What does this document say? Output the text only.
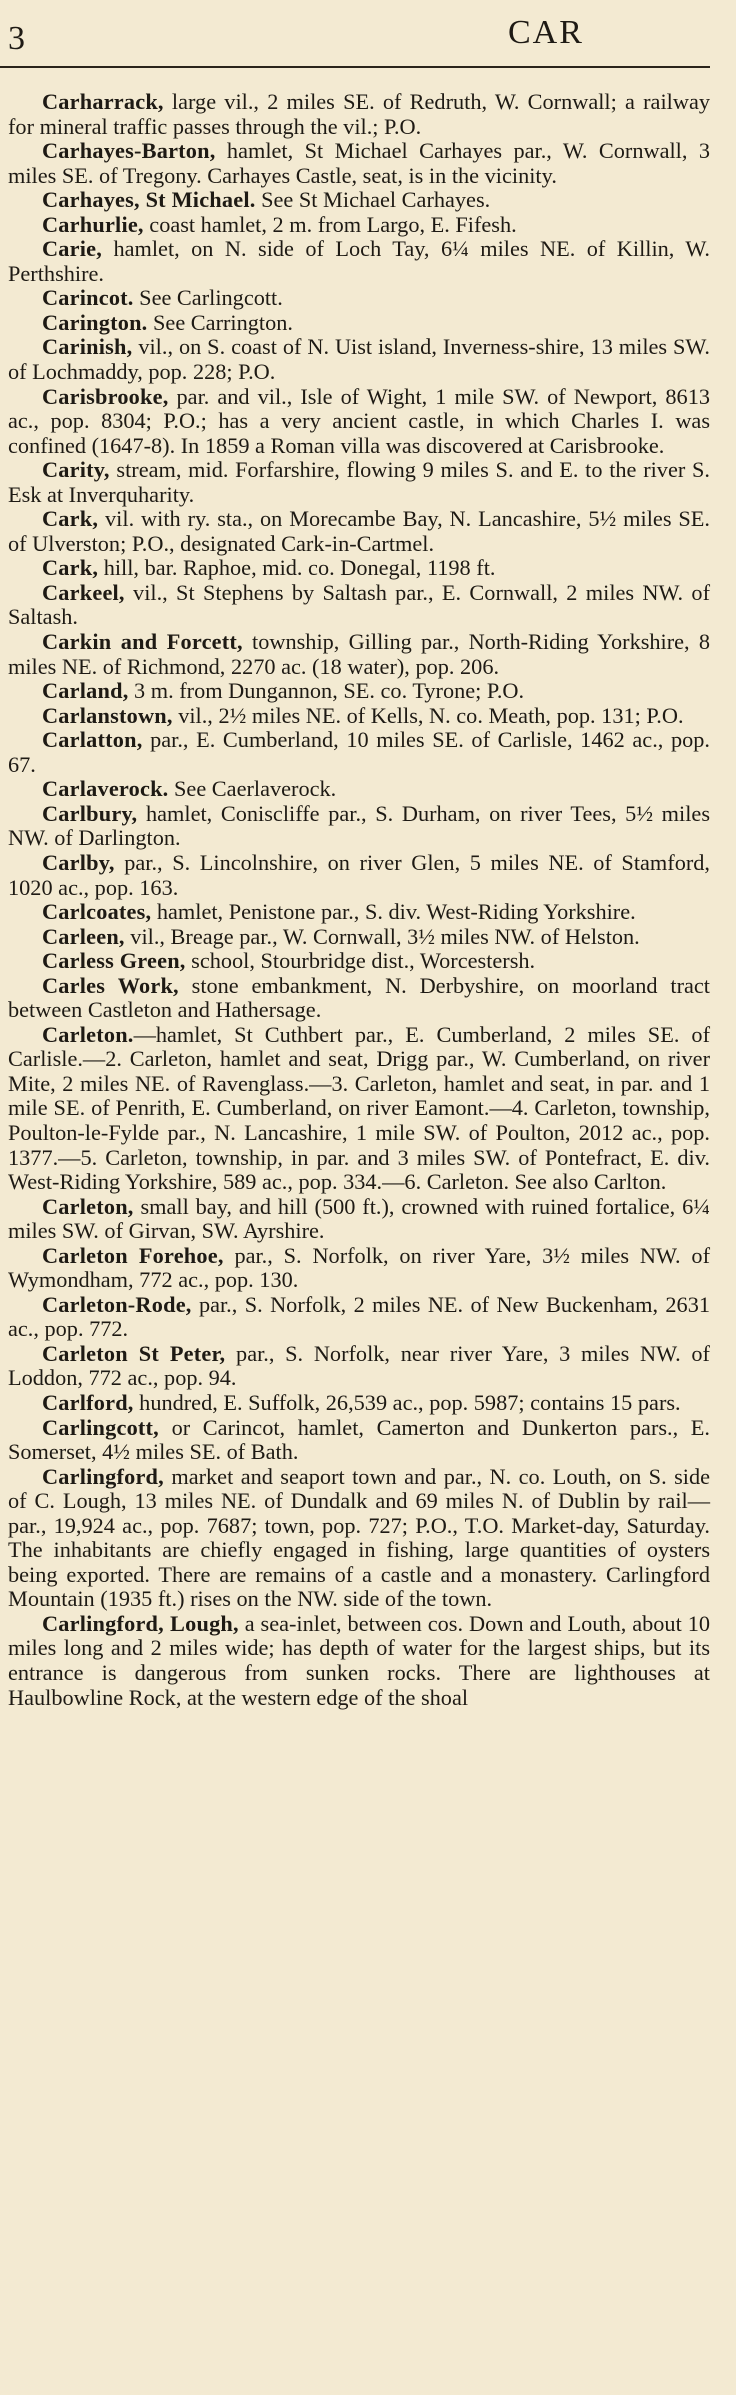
3	CAR

Carharrack, large vil., 2 miles SE. of Redruth, W. Cornwall; a railway for mineral traffic passes through the vil.; P.O.

Carhayes-Barton, hamlet, St Michael Carhayes par., W. Cornwall, 3 miles SE. of Tregony. Carhayes Castle, seat, is in the vicinity.

Carhayes, St Michael. See St Michael Carhayes.

Carhurlie, coast hamlet, 2 m. from Largo, E. Fifesh.

Carie, hamlet, on N. side of Loch Tay, 6¼ miles NE. of Killin, W. Perthshire.

Carincot. See Carlingcott.

Carington. See Carrington.

Carinish, vil., on S. coast of N. Uist island, Inverness-shire, 13 miles SW. of Lochmaddy, pop. 228; P.O.

Carisbrooke, par. and vil., Isle of Wight, 1 mile SW. of Newport, 8613 ac., pop. 8304; P.O.; has a very ancient castle, in which Charles I. was confined (1647-8). In 1859 a Roman villa was discovered at Carisbrooke.

Carity, stream, mid. Forfarshire, flowing 9 miles S. and E. to the river S. Esk at Inverquharity.

Cark, vil. with ry. sta., on Morecambe Bay, N. Lancashire, 5½ miles SE. of Ulverston; P.O., designated Cark-in-Cartmel.

Cark, hill, bar. Raphoe, mid. co. Donegal, 1198 ft.

Carkeel, vil., St Stephens by Saltash par., E. Cornwall, 2 miles NW. of Saltash.

Carkin and Forcett, township, Gilling par., North-Riding Yorkshire, 8 miles NE. of Richmond, 2270 ac. (18 water), pop. 206.

Carland, 3 m. from Dungannon, SE. co. Tyrone; P.O.

Carlanstown, vil., 2½ miles NE. of Kells, N. co. Meath, pop. 131; P.O.

Carlatton, par., E. Cumberland, 10 miles SE. of Carlisle, 1462 ac., pop. 67.

Carlaverock. See Caerlaverock.

Carlbury, hamlet, Coniscliffe par., S. Durham, on river Tees, 5½ miles NW. of Darlington.

Carlby, par., S. Lincolnshire, on river Glen, 5 miles NE. of Stamford, 1020 ac., pop. 163.

Carlcoates, hamlet, Penistone par., S. div. West-Riding Yorkshire.

Carleen, vil., Breage par., W. Cornwall, 3½ miles NW. of Helston.

Carless Green, school, Stourbridge dist., Worcestersh.

Carles Work, stone embankment, N. Derbyshire, on moorland tract between Castleton and Hathersage.

Carleton.—hamlet, St Cuthbert par., E. Cumberland, 2 miles SE. of Carlisle.—2. Carleton, hamlet and seat, Drigg par., W. Cumberland, on river Mite, 2 miles NE. of Ravenglass.—3. Carleton, hamlet and seat, in par. and 1 mile SE. of Penrith, E. Cumberland, on river Eamont.—4. Carleton, township, Poulton-le-Fylde par., N. Lancashire, 1 mile SW. of Poulton, 2012 ac., pop. 1377.—5. Carleton, township, in par. and 3 miles SW. of Pontefract, E. div. West-Riding Yorkshire, 589 ac., pop. 334.—6. Carleton. See also Carlton.

Carleton, small bay, and hill (500 ft.), crowned with ruined fortalice, 6¼ miles SW. of Girvan, SW. Ayrshire.

Carleton Forehoe, par., S. Norfolk, on river Yare, 3½ miles NW. of Wymondham, 772 ac., pop. 130.

Carleton-Rode, par., S. Norfolk, 2 miles NE. of New Buckenham, 2631 ac., pop. 772.

Carleton St Peter, par., S. Norfolk, near river Yare, 3 miles NW. of Loddon, 772 ac., pop. 94.

Carlford, hundred, E. Suffolk, 26,539 ac., pop. 5987; contains 15 pars.

Carlingcott, or Carincot, hamlet, Camerton and Dunkerton pars., E. Somerset, 4½ miles SE. of Bath.

Carlingford, market and seaport town and par., N. co. Louth, on S. side of C. Lough, 13 miles NE. of Dundalk and 69 miles N. of Dublin by rail—par., 19,924 ac., pop. 7687; town, pop. 727; P.O., T.O. Market-day, Saturday. The inhabitants are chiefly engaged in fishing, large quantities of oysters being exported. There are remains of a castle and a monastery. Carlingford Mountain (1935 ft.) rises on the NW. side of the town.

Carlingford, Lough, a sea-inlet, between cos. Down and Louth, about 10 miles long and 2 miles wide; has depth of water for the largest ships, but its entrance is dangerous from sunken rocks. There are lighthouses at Haulbowline Rock, at the western edge of the shoal
